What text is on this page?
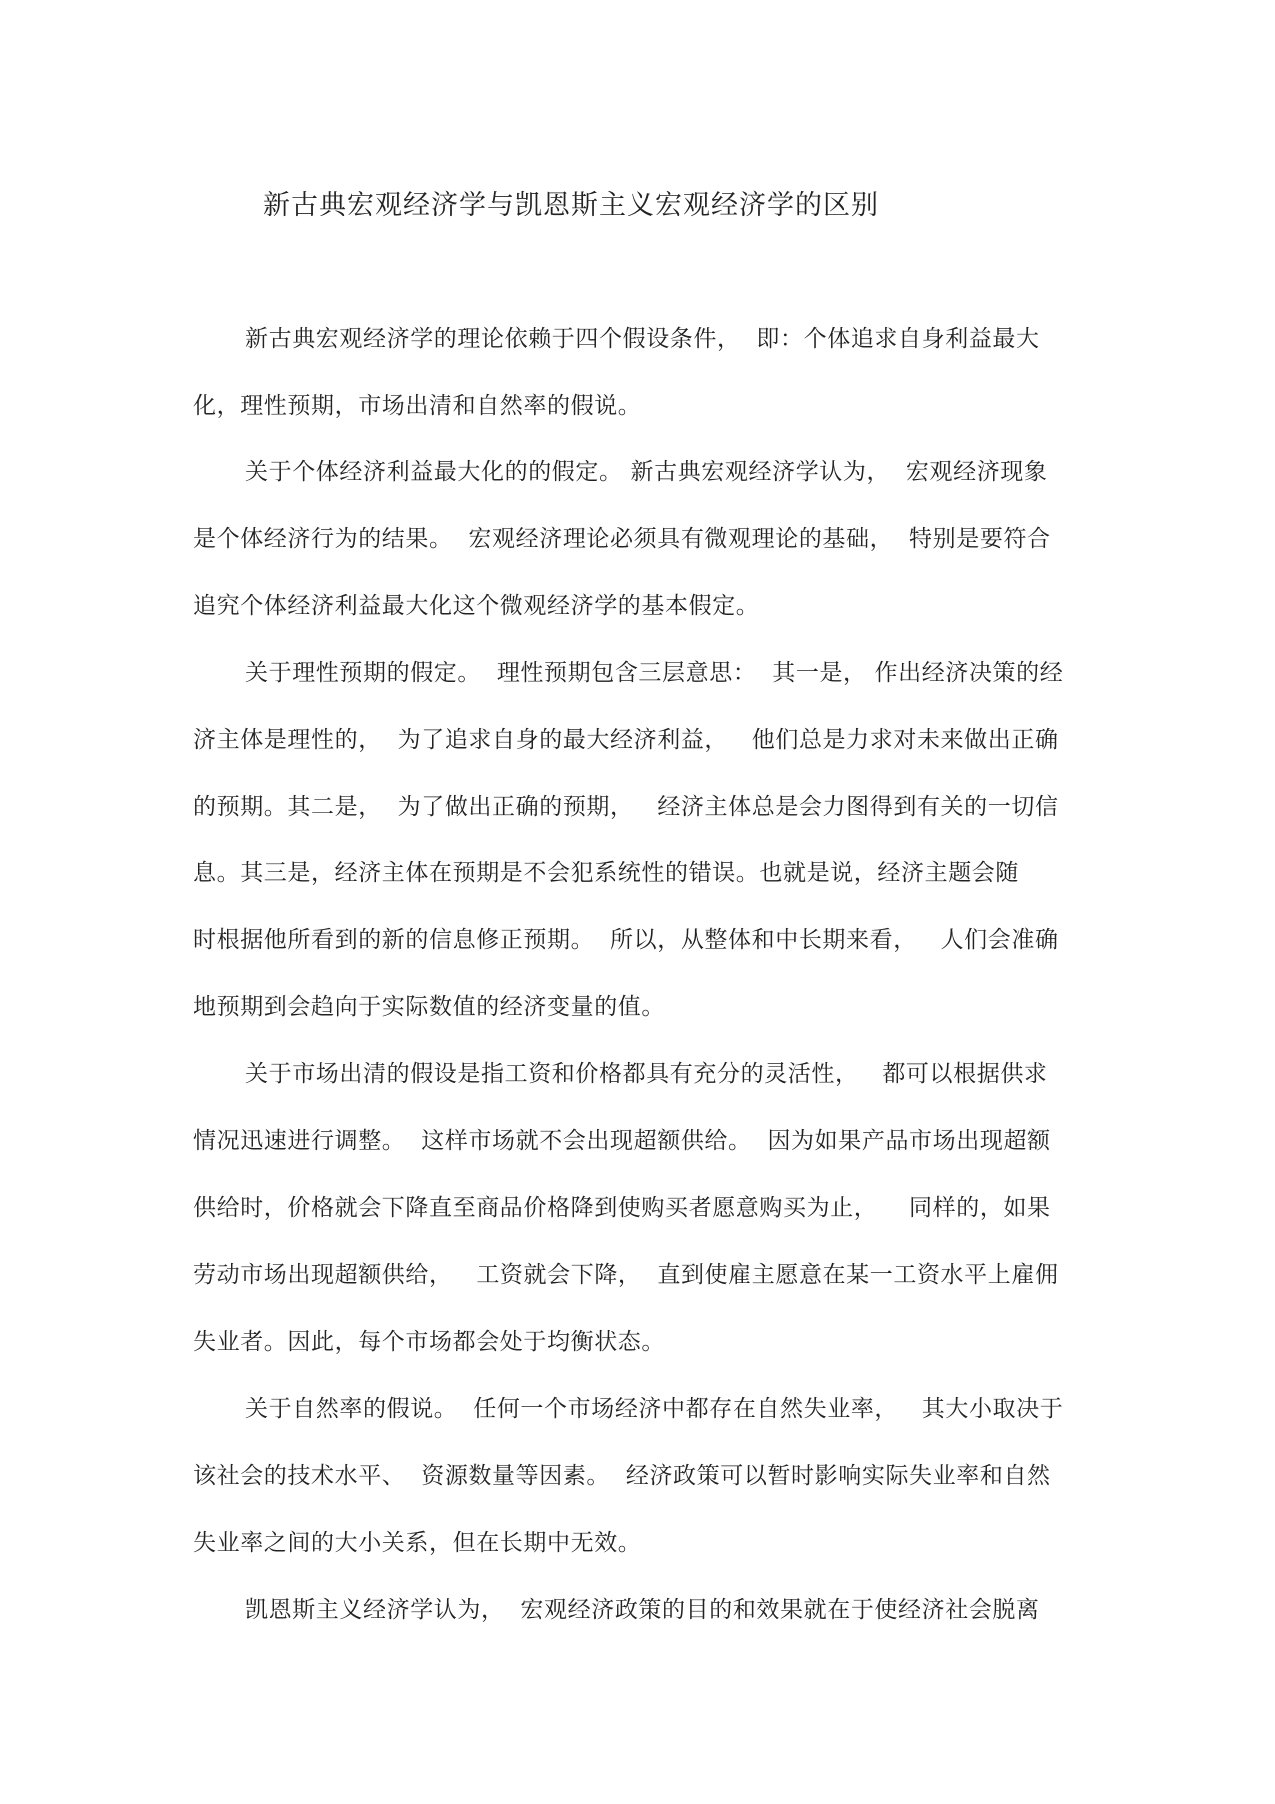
新古典宏观经济学与凯恩斯主义宏观经济学的区别
新古典宏观经济学的理论依赖于四个假设条件，  即：个体追求自身利益最大
化，理性预期，市场出清和自然率的假说。
关于个体经济利益最大化的的假定。 新古典宏观经济学认为，  宏观经济现象
是个体经济行为的结果。  宏观经济理论必须具有微观理论的基础，  特别是要符合
追究个体经济利益最大化这个微观经济学的基本假定。
关于理性预期的假定。  理性预期包含三层意思：  其一是， 作出经济决策的经
济主体是理性的，  为了追求自身的最大经济利益，   他们总是力求对未来做出正确
的预期。其二是，  为了做出正确的预期，   经济主体总是会力图得到有关的一切信
息。其三是，经济主体在预期是不会犯系统性的错误。也就是说，经济主题会随
时根据他所看到的新的信息修正预期。  所以，从整体和中长期来看，   人们会准确
地预期到会趋向于实际数值的经济变量的值。
关于市场出清的假设是指工资和价格都具有充分的灵活性，   都可以根据供求
情况迅速进行调整。  这样市场就不会出现超额供给。  因为如果产品市场出现超额
供给时，价格就会下降直至商品价格降到使购买者愿意购买为止，    同样的，如果
劳动市场出现超额供给，   工资就会下降，  直到使雇主愿意在某一工资水平上雇佣
失业者。因此，每个市场都会处于均衡状态。
关于自然率的假说。  任何一个市场经济中都存在自然失业率，   其大小取决于
该社会的技术水平、  资源数量等因素。  经济政策可以暂时影响实际失业率和自然
失业率之间的大小关系，但在长期中无效。
凯恩斯主义经济学认为，  宏观经济政策的目的和效果就在于使经济社会脱离
